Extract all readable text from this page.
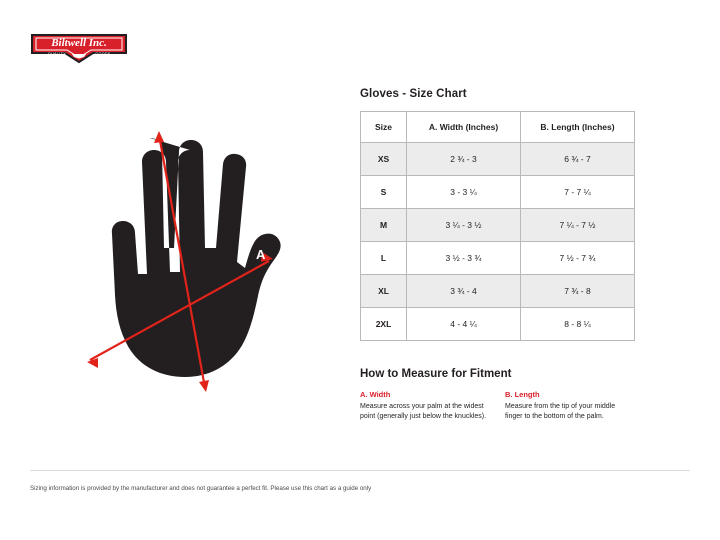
Biltwell Inc.
QUALITY	GOODS
B
A
Gloves - Size Chart
Size	A. Width (Inches)	B. Length (Inches)
XS	2 ¾ - 3	6 ¾ - 7
S	3 - 3 ¼	7 - 7 ¼
M	3 ¼ - 3 ½	7 ¼ - 7 ½
L	3 ½ - 3 ¾	7 ½ - 7 ¾
XL	3 ¾ - 4	7 ¾ - 8
2XL	4 - 4 ¼	8 - 8 ¼
How to Measure for Fitment
A. Width
Measure across your palm at the widest point (generally just below the knuckles).
B. Length
Measure from the tip of your middle finger to the bottom of the palm.
Sizing information is provided by the manufacturer and does not guarantee a perfect fit. Please use this chart as a guide only
